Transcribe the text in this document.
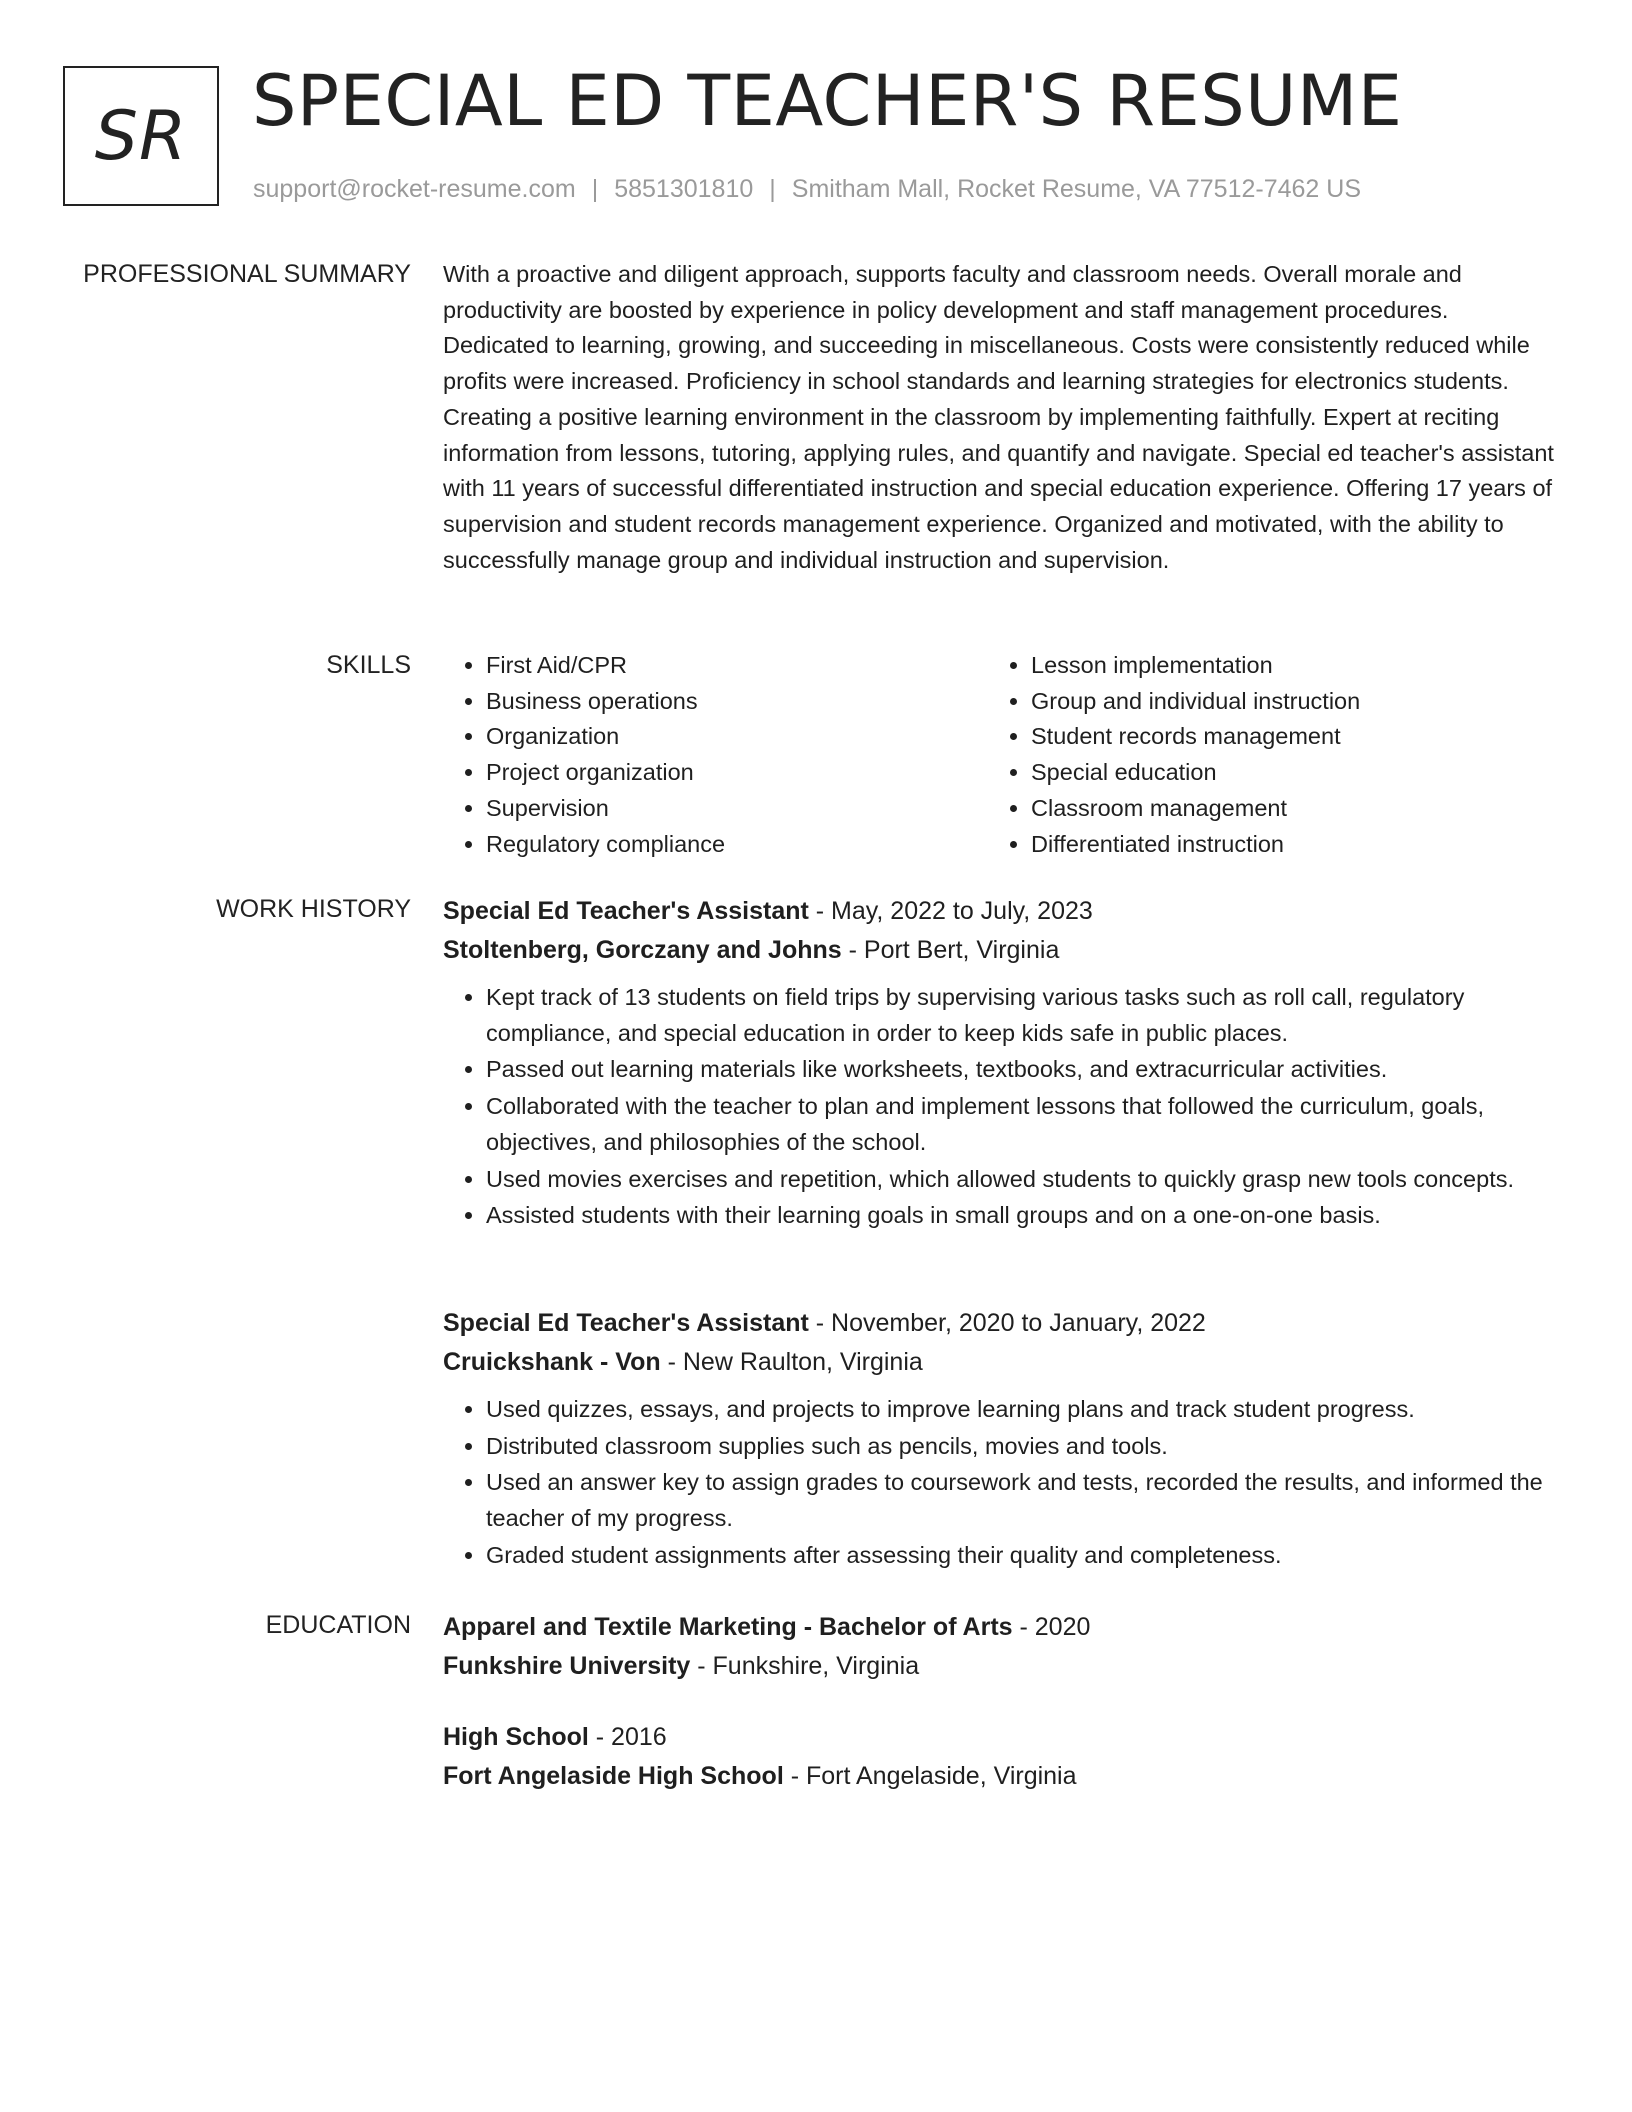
SR SPECIAL ED TEACHER'S RESUME
support@rocket-resume.com | 5851301810 | Smitham Mall, Rocket Resume, VA 77512-7462 US
PROFESSIONAL SUMMARY With a proactive and diligent approach, supports faculty and classroom needs. Overall morale and productivity are boosted by experience in policy development and staff management procedures. Dedicated to learning, growing, and succeeding in miscellaneous. Costs were consistently reduced while profits were increased. Proficiency in school standards and learning strategies for electronics students. Creating a positive learning environment in the classroom by implementing faithfully. Expert at reciting information from lessons, tutoring, applying rules, and quantify and navigate. Special ed teacher's assistant with 11 years of successful differentiated instruction and special education experience. Offering 17 years of supervision and student records management experience. Organized and motivated, with the ability to successfully manage group and individual instruction and supervision.

SKILLS
•	First Aid/CPR
• Business operations
• Organization
• Project organization
• Supervision
• Regulatory compliance
• Lesson implementation
• Group and individual instruction
• Student records management
• Special education
• Classroom management
• Differentiated instruction
WORK HISTORY Special Ed Teacher's Assistant - May, 2022 to July, 2023
Stoltenberg, Gorczany and Johns - Port Bert, Virginia
• Kept track of 13 students on field trips by supervising various tasks such as roll call, regulatory compliance, and special education in order to keep kids safe in public places.
• Passed out learning materials like worksheets, textbooks, and extracurricular activities.
• Collaborated with the teacher to plan and implement lessons that followed the curriculum, goals, objectives, and philosophies of the school.
• Used movies exercises and repetition, which allowed students to quickly grasp new tools concepts.
• Assisted students with their learning goals in small groups and on a one-on-one basis.
Special Ed Teacher's Assistant - November, 2020 to January, 2022
Cruickshank - Von - New Raulton, Virginia
• Used quizzes, essays, and projects to improve learning plans and track student progress.
• Distributed classroom supplies such as pencils, movies and tools.
• Used an answer key to assign grades to coursework and tests, recorded the results, and informed the teacher of my progress.
• Graded student assignments after assessing their quality and completeness.
EDUCATION Apparel and Textile Marketing - Bachelor of Arts - 2020
Funkshire University - Funkshire, Virginia
High School - 2016
Fort Angelaside High School - Fort Angelaside, Virginia
